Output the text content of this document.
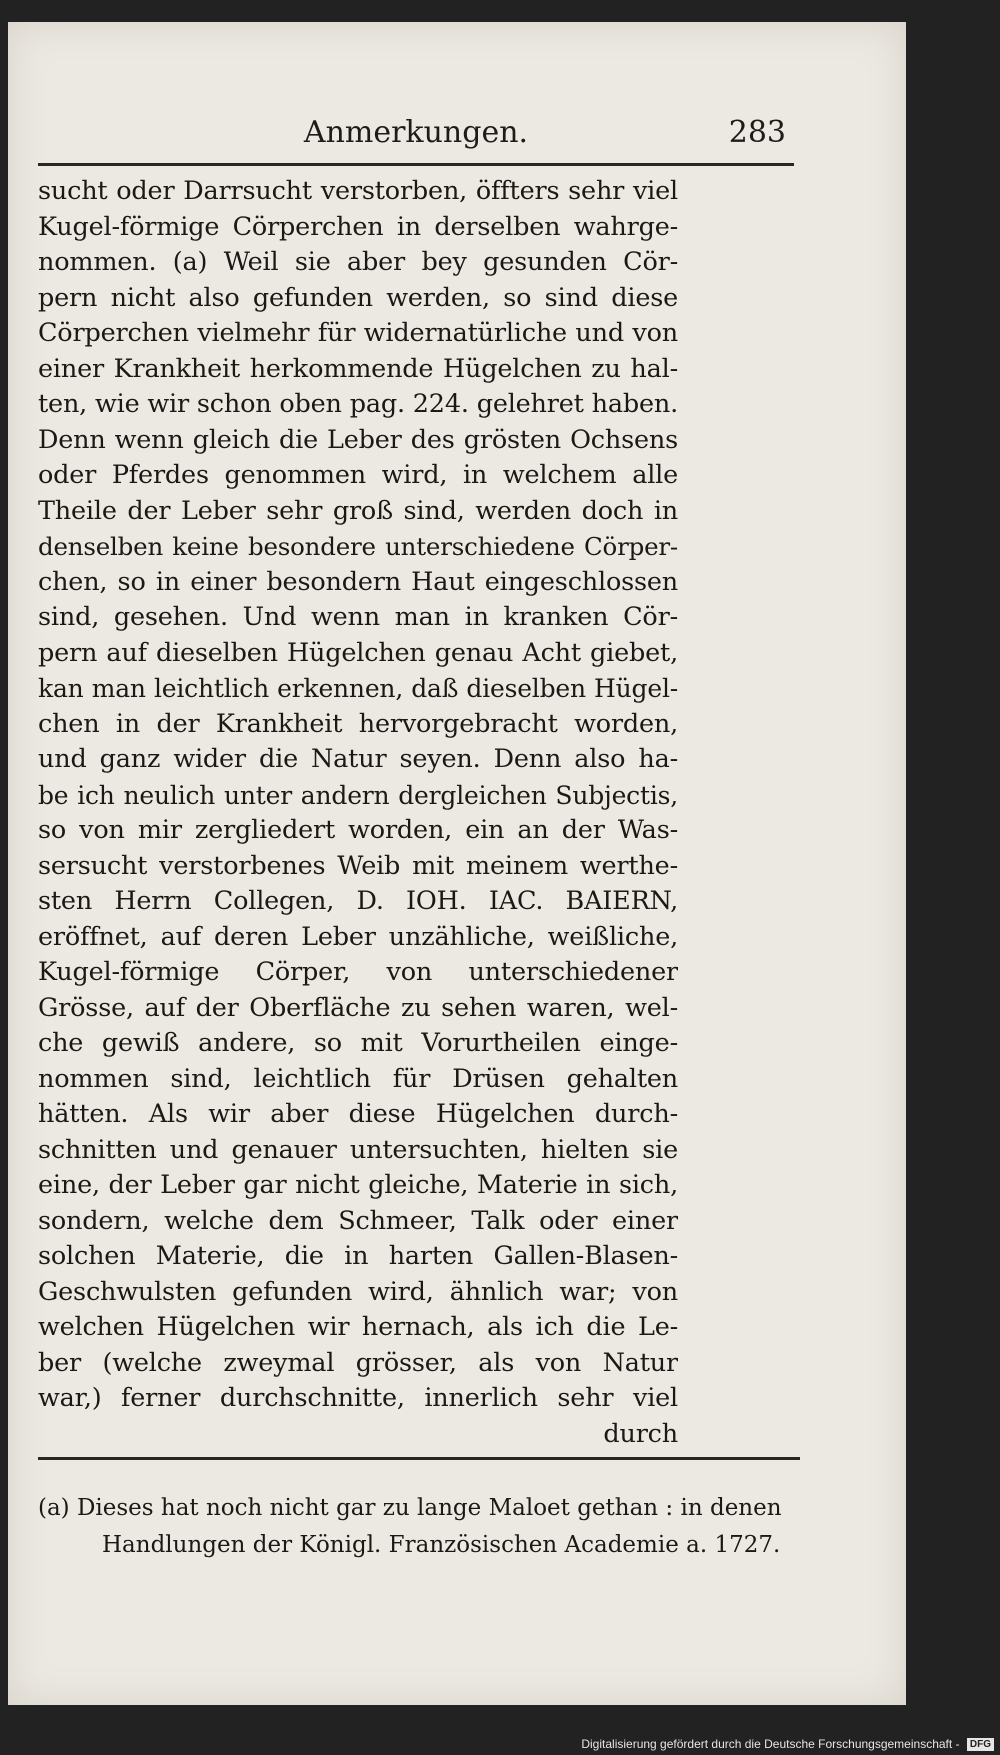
Anmerkungen.	283
sucht oder Darrsucht verstorben, öffters sehr viel
Kugel-förmige Cörperchen in derselben wahrge-
nommen. (a) Weil sie aber bey gesunden Cör-
pern nicht also gefunden werden, so sind diese
Cörperchen vielmehr für widernatürliche und von
einer Krankheit herkommende Hügelchen zu hal-
ten, wie wir schon oben pag. 224. gelehret haben.
Denn wenn gleich die Leber des grösten Ochsens
oder Pferdes genommen wird, in welchem alle
Theile der Leber sehr groß sind, werden doch in
denselben keine besondere unterschiedene Cörper-
chen, so in einer besondern Haut eingeschlossen
sind, gesehen. Und wenn man in kranken Cör-
pern auf dieselben Hügelchen genau Acht giebet,
kan man leichtlich erkennen, daß dieselben Hügel-
chen in der Krankheit hervorgebracht worden,
und ganz wider die Natur seyen. Denn also ha-
be ich neulich unter andern dergleichen Subjectis,
so von mir zergliedert worden, ein an der Was-
sersucht verstorbenes Weib mit meinem werthe-
sten Herrn Collegen, D. IOH. IAC. BAIERN,
eröffnet, auf deren Leber unzähliche, weißliche,
Kugel-förmige Cörper, von unterschiedener
Grösse, auf der Oberfläche zu sehen waren, wel-
che gewiß andere, so mit Vorurtheilen einge-
nommen sind, leichtlich für Drüsen gehalten
hätten. Als wir aber diese Hügelchen durch-
schnitten und genauer untersuchten, hielten sie
eine, der Leber gar nicht gleiche, Materie in sich,
sondern, welche dem Schmeer, Talk oder einer
solchen Materie, die in harten Gallen-Blasen-
Geschwulsten gefunden wird, ähnlich war; von
welchen Hügelchen wir hernach, als ich die Le-
ber (welche zweymal grösser, als von Natur
war,) ferner durchschnitte, innerlich sehr viel
durch
(a) Dieses hat noch nicht gar zu lange Maloet gethan : in denen
Handlungen der Königl. Französischen Academie a. 1727.
Digitalisierung gefördert durch die Deutsche Forschungsgemeinschaft - DFG
